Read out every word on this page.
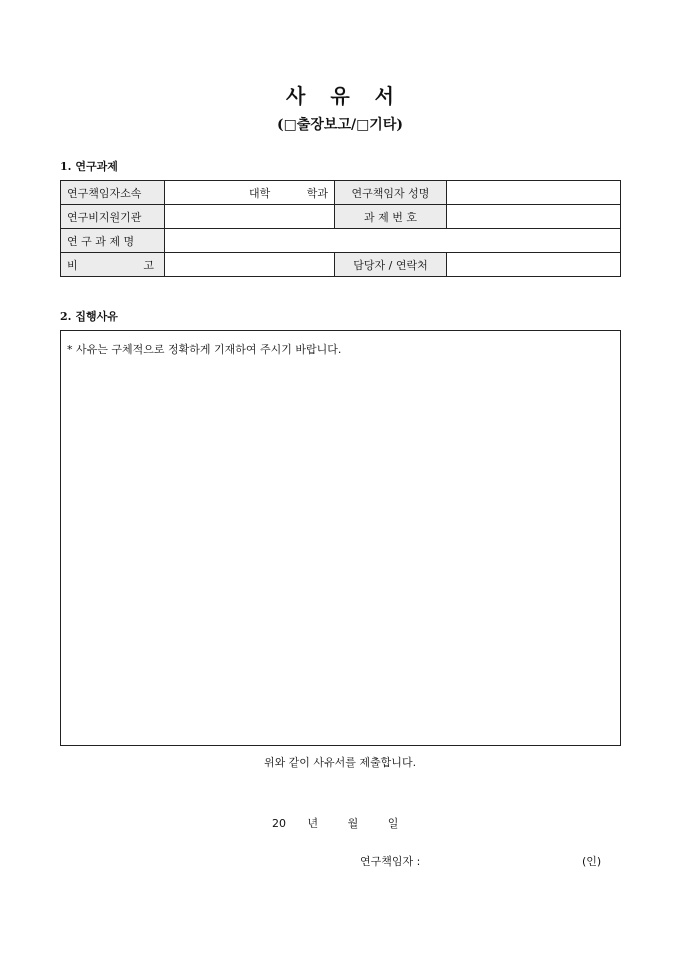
사 유 서
(□출장보고/□기타)
1. 연구과제
연구책임자소속	대학 학과	연구책임자 성명	
연구비지원기관		과 제 번 호	
연 구 과 제 명			

비 고		담당자 / 연락처	
2. 집행사유
* 사유는 구체적으로 정확하게 기재하여 주시기 바랍니다.
위와 같이 사유서를 제출합니다.
20 년	월	일
연구책임자 :	(인)
